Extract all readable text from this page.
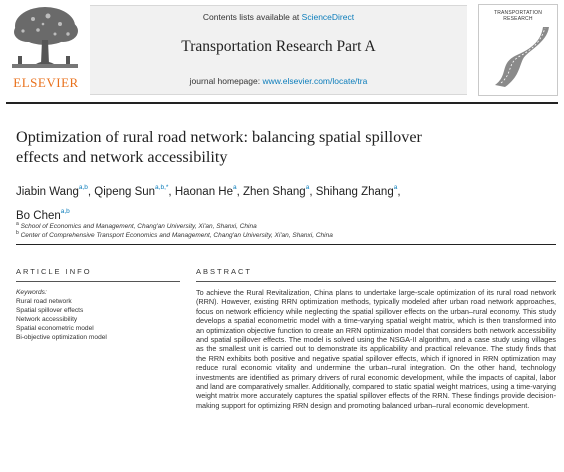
ELSEVIER
Contents lists available at ScienceDirect
Transportation Research Part A
journal homepage: www.elsevier.com/locate/tra
TRANSPORTATION
RESEARCH
Optimization of rural road network: balancing spatial spillover
effects and network accessibility
Jiabin Wang$^{a,b}$, Qipeng Sun$^{a,b,*}$, Haonan He$^a$, Zhen Shang$^a$, Shihang Zhang$^a$,
Bo Chen$^{a,b}$
$^a$ School of Economics and Management, Chang'an University, Xi'an, Shanxi, China
$^b$ Center of Comprehensive Transport Economics and Management, Chang'an University, Xi'an, Shanxi, China
ARTICLE INFO	ABSTRACT
Keywords:
Rural road network
Spatial spillover effects
Network accessibility
Spatial econometric model
Bi-objective optimization model
To achieve the Rural Revitalization, China plans to undertake large-scale optimization of its rural road network (RRN). However, existing RRN optimization methods, typically modeled after urban road network approaches, focus on network efficiency while neglecting the spatial spillover effects on the urban–rural economy. This study develops a spatial econometric model with a time-varying spatial weight matrix, which is then transformed into an optimization objective function to create an RRN optimization model that considers both network accessibility and spatial spillover effects. The model is solved using the NSGA-II algorithm, and a case study using villages as the smallest unit is carried out to demonstrate its applicability and practical relevance. The study finds that the RRN exhibits both positive and negative spatial spillover effects, which if ignored in RRN optimization may reduce rural economic vitality and undermine the urban–rural integration. On the other hand, technology investments are identified as primary drivers of rural economic development, while the impacts of capital, labor and land are comparatively smaller. Additionally, compared to static spatial weight matrices, using a time-varying weight matrix more accurately captures the spatial spillover effects of the RRN. These findings provide decision-making support for optimizing RRN design and promoting balanced urban–rural economic development.
